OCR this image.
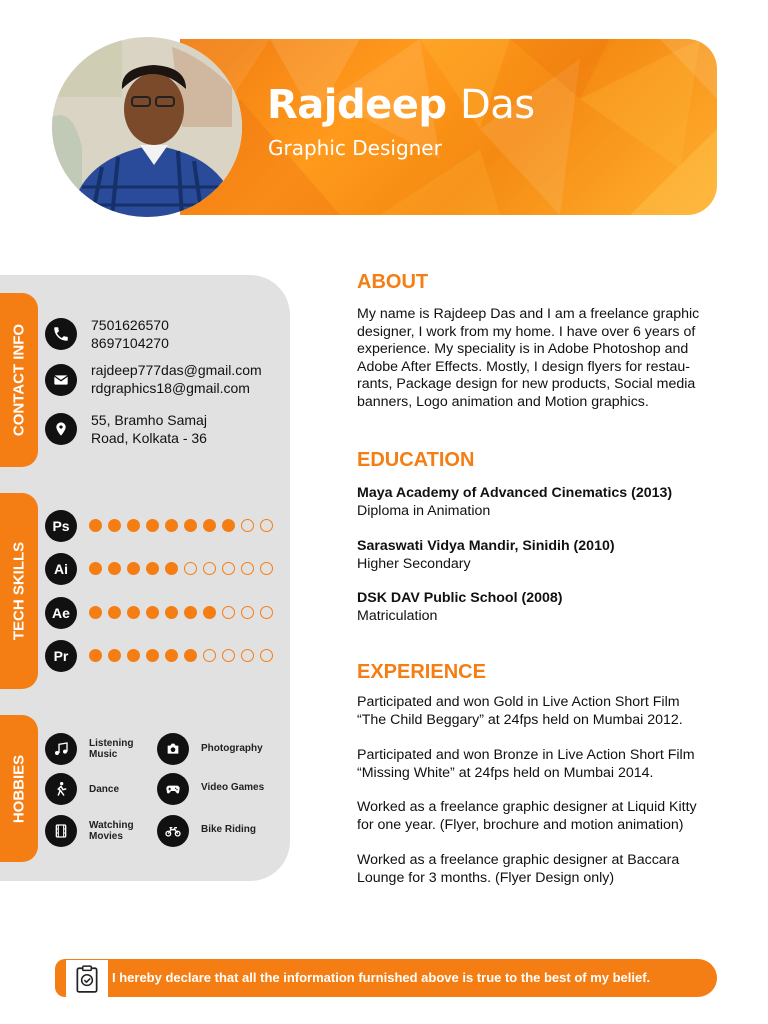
Rajdeep Das
Graphic Designer
CONTACT INFO	7501626570
8697104270
rajdeep777das@gmail.com
rdgraphics18@gmail.com
55, Bramho Samaj
Road, Kolkata - 36
TECH SKILLS
Ps
Ai
Ae
Pr
HOBBIES
Listening
Music
Photography
Dance	Video Games
Watching
Movies
Bike Riding
ABOUT
My name is Rajdeep Das and I am a freelance graphic
designer, I work from my home. I have over 6 years of
experience. My speciality is in Adobe Photoshop and
Adobe After Effects. Mostly, I design flyers for restau-
rants, Package design for new products, Social media
banners, Logo animation and Motion graphics.
EDUCATION
Maya Academy of Advanced Cinematics (2013)
Diploma in Animation
Saraswati Vidya Mandir, Sinidih (2010)
Higher Secondary
DSK DAV Public School (2008)
Matriculation
EXPERIENCE
Participated and won Gold in Live Action Short Film
“The Child Beggary” at 24fps held on Mumbai 2012.
Participated and won Bronze in Live Action Short Film
“Missing White” at 24fps held on Mumbai 2014.
Worked as a freelance graphic designer at Liquid Kitty
for one year. (Flyer, brochure and motion animation)
Worked as a freelance graphic designer at Baccara
Lounge for 3 months. (Flyer Design only)
I hereby declare that all the information furnished above is true to the best of my belief.
